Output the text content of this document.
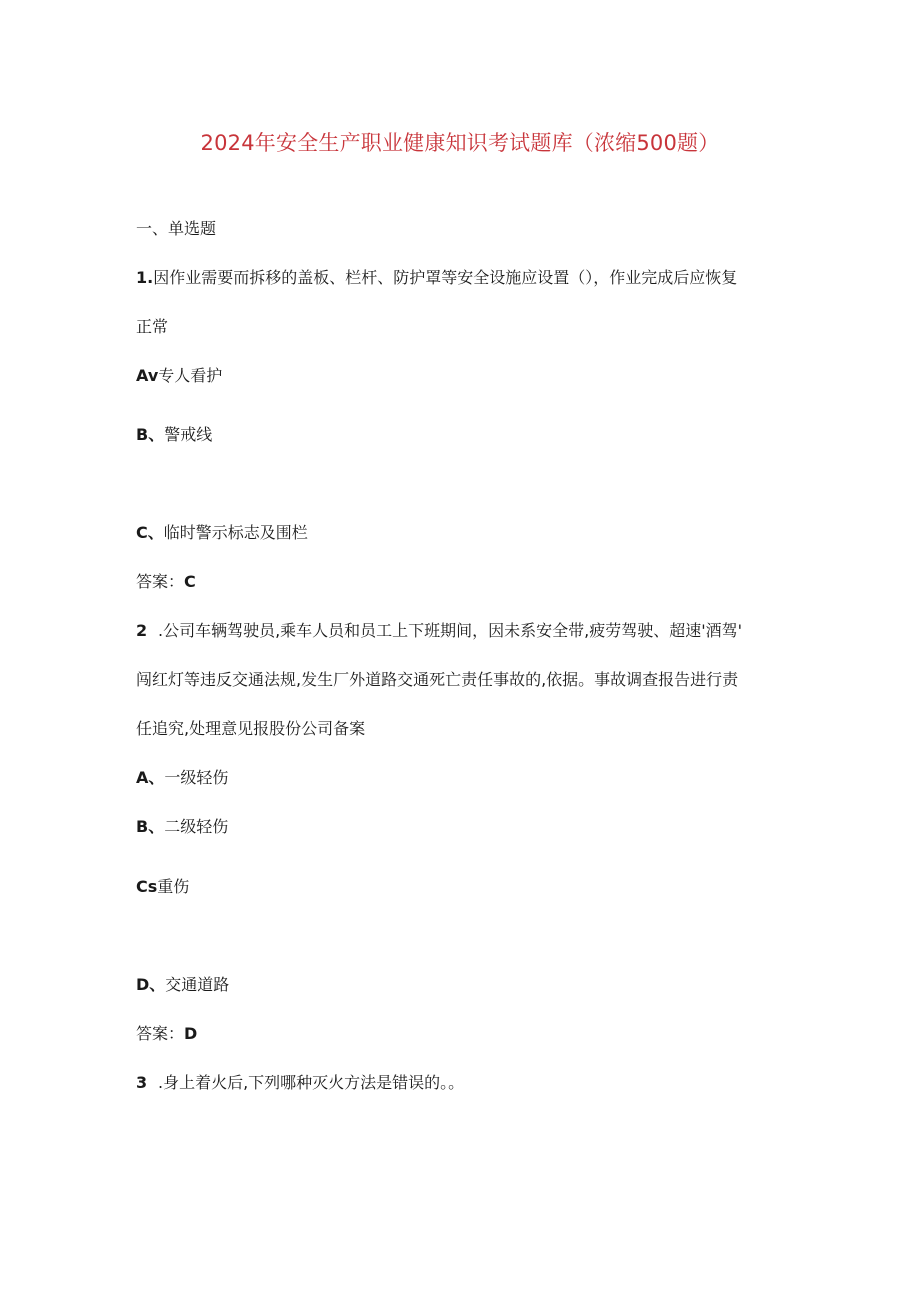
2024年安全生产职业健康知识考试题库（浓缩500题）
一、单选题
1.因作业需要而拆移的盖板、栏杆、防护罩等安全设施应设置（），作业完成后应恢复
正常
Av专人看护
B、警戒线
C、临时警示标志及围栏
答案：C
2 .公司车辆驾驶员,乘车人员和员工上下班期间，因未系安全带,疲劳驾驶、超速'酒驾'
闯红灯等违反交通法规,发生厂外道路交通死亡责任事故的,依据。事故调查报告进行责
任追究,处理意见报股份公司备案
A、一级轻伤
B、二级轻伤
Cs重伤
D、交通道路
答案：D
3 .身上着火后,下列哪种灭火方法是错误的。。
